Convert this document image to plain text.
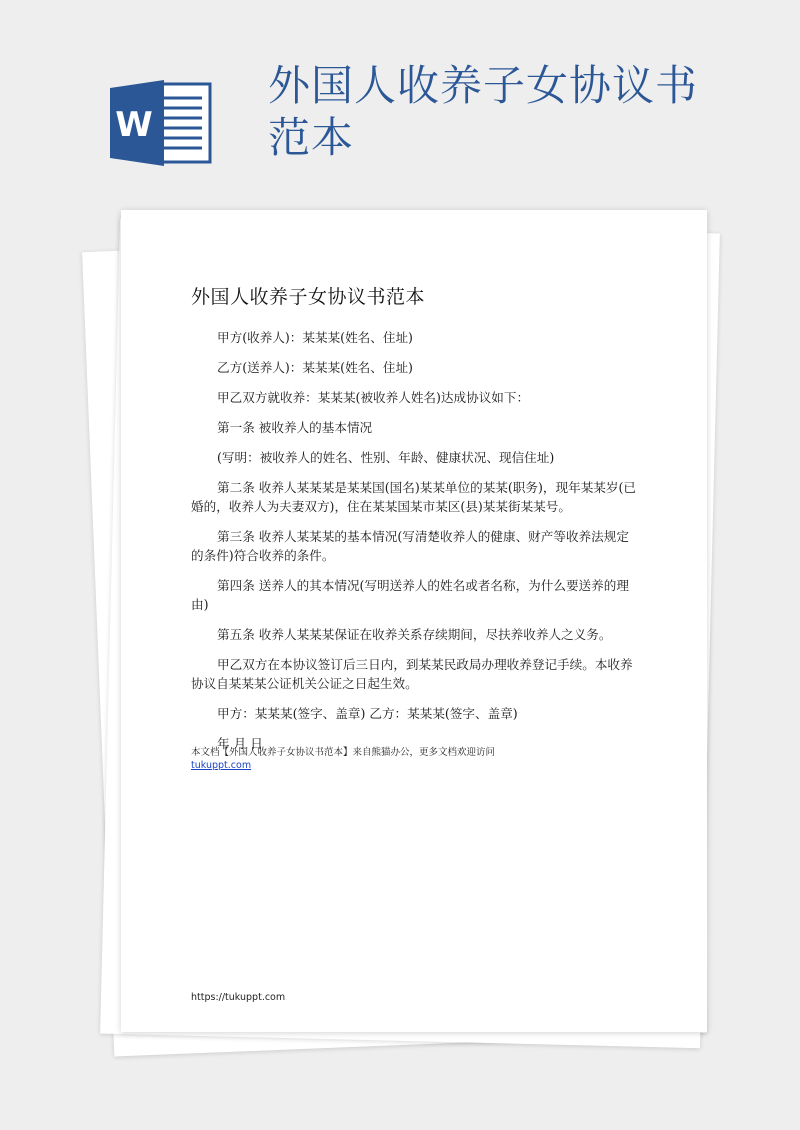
W
外国人收养子女协议书范本
外国人收养子女协议书范本

甲方(收养人)：某某某(姓名、住址)

乙方(送养人)：某某某(姓名、住址)

甲乙双方就收养：某某某(被收养人姓名)达成协议如下：

第一条 被收养人的基本情况

(写明：被收养人的姓名、性别、年龄、健康状况、现信住址)

第二条 收养人某某某是某某国(国名)某某单位的某某(职务)，现年某某岁(已婚的，收养人为夫妻双方)，住在某某国某市某区(县)某某街某某号。

第三条 收养人某某某的基本情况(写清楚收养人的健康、财产等收养法规定的条件)符合收养的条件。

第四条 送养人的其本情况(写明送养人的姓名或者名称，为什么要送养的理由)

第五条 收养人某某某保证在收养关系存续期间，尽扶养收养人之义务。

甲乙双方在本协议签订后三日内，到某某民政局办理收养登记手续。本收养协议自某某某公证机关公证之日起生效。

甲方：某某某(签字、盖章) 乙方：某某某(签字、盖章)

年 月 日

本文档【外国人收养子女协议书范本】来自熊猫办公，更多文档欢迎访问
tukuppt.com
https://tukuppt.com
